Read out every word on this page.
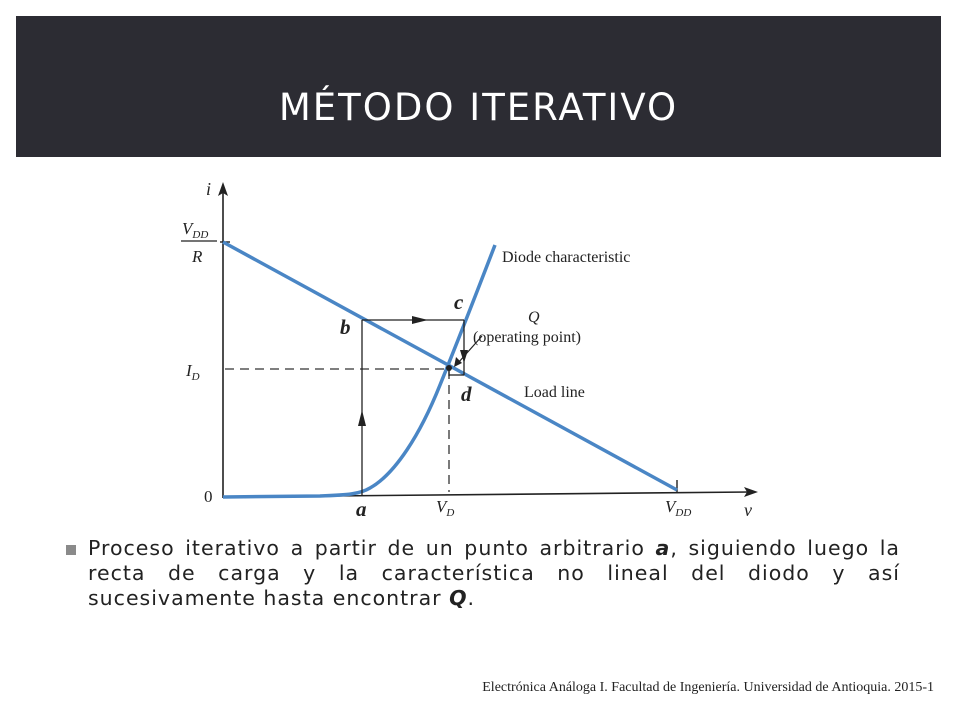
MÉTODO ITERATIVO
i
v
$V_{DD}$
R
$I_D$
0
$V_D$	$V_{DD}$
a
b
c
d
Q
(operating point)
Diode characteristic
Load line
Proceso iterativo a partir de un punto arbitrario a, siguiendo luego la recta de carga y la característica no lineal del diodo y así sucesivamente hasta encontrar Q.
Electrónica Análoga I. Facultad de Ingeniería. Universidad de Antioquia. 2015-1
